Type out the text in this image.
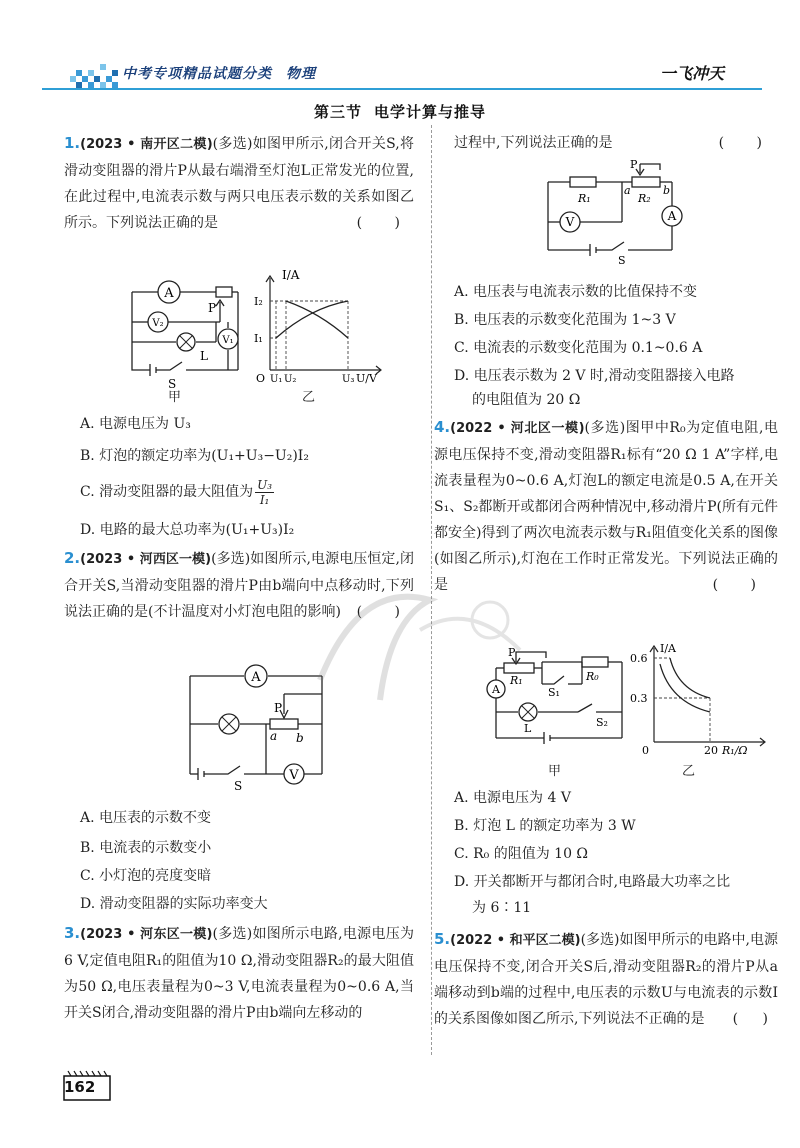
中考专项精品试题分类 物理	一飞冲天
第三节 电学计算与推导
1.(2023 • 南开区二模)(多选)如图甲所示,闭合开关S,将滑动变阻器的滑片P从最右端滑至灯泡L正常发光的位置,在此过程中,电流表示数与两只电压表示数的关系如图乙所示。下列说法正确的是	( )
A
V₂
V₁
L
P
S
甲
I/A
I₂
I₁
O U₁ U₂	U₃ U/V
乙
A. 电源电压为 U₃
B. 灯泡的额定功率为(U₁+U₃−U₂)I₂
C. 滑动变阻器的最大阻值为 $\frac{\text{U₃}}{\text{I₁}}$
D. 电路的最大总功率为(U₁+U₃)I₂
2.(2023 • 河西区一模)(多选)如图所示,电源电压恒定,闭合开关S,当滑动变阻器的滑片P由b端向中点移动时,下列说法正确的是(不计温度对小灯泡电阻的影响) ( )
A
V
P
a b
S
A. 电压表的示数不变
B. 电流表的示数变小
C. 小灯泡的亮度变暗
D. 滑动变阻器的实际功率变大
3.(2023 • 河东区一模)(多选)如图所示电路,电源电压为6 V,定值电阻R₁的阻值为10 Ω,滑动变阻器R₂的最大阻值为50 Ω,电压表量程为0~3 V,电流表量程为0~0.6 A,当开关S闭合,滑动变阻器的滑片P由b端向左移动的
162
过程中,下列说法正确的是	( )
V	A
R₁	R₂
P
a	b
S
A. 电压表与电流表示数的比值保持不变
B. 电压表的示数变化范围为 1~3 V
C. 电流表的示数变化范围为 0.1~0.6 A
D. 电压表示数为 2 V 时,滑动变阻器接入电路
的电阻值为 20 Ω
4.(2022 • 河北区一模)(多选)图甲中R₀为定值电阻,电源电压保持不变,滑动变阻器R₁标有“20 Ω 1 A”字样,电流表量程为0~0.6 A,灯泡L的额定电流是0.5 A,在开关S₁、S₂都断开或都闭合两种情况中,移动滑片P(所有元件都安全)得到了两次电流表示数与R₁阻值变化关系的图像(如图乙所示),灯泡在工作时正常发光。下列说法正确的是	( )
A
P
R₁
S₁
R₀
L	S₂
甲
I/A
0.6
0.3
0	20 R₁/Ω
乙
A. 电源电压为 4 V
B. 灯泡 L 的额定功率为 3 W
C. R₀ 的阻值为 10 Ω
D. 开关都断开与都闭合时,电路最大功率之比
为 6∶11
5.(2022 • 和平区二模)(多选)如图甲所示的电路中,电源电压保持不变,闭合开关S后,滑动变阻器R₂的滑片P从a端移动到b端的过程中,电压表的示数U与电流表的示数I的关系图像如图乙所示,下列说法不正确的是 ( )
